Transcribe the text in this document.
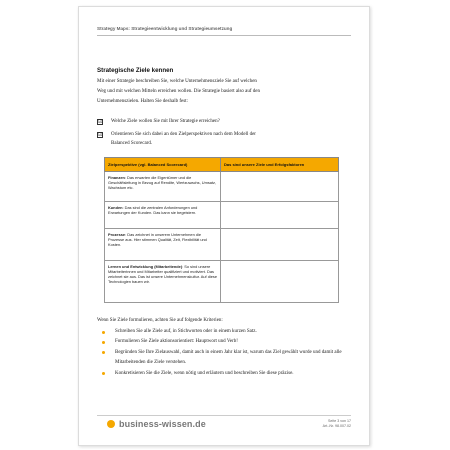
Strategy Maps: Strategieentwicklung und Strategieumsetzung
Strategische Ziele kennen
Mit einer Strategie beschreiben Sie, welche Unternehmensziele Sie auf welchen Weg und mit welchen Mitteln erreichen wollen. Die Strategie basiert also auf den Unternehmenszielen. Halten Sie deshalb fest:
☑ Welche Ziele wollen Sie mit Ihrer Strategie erreichen?
☑ Orientieren Sie sich dabei an den Zielperspektiven nach dem Modell der Balanced Scorecard.
Zielperspektive (vgl. Balanced Scorecard)	Das sind unsere Ziele und Erfolgsfaktoren
Finanzen: Das erwarten die Eigentümer und die Geschäftsleitung in Bezug auf Rendite, Wertzuwachs, Umsatz, Wachstum etc.	
Kunden: Das sind die zentralen Anforderungen und Erwartungen der Kunden. Das kann sie begeistern.	
Prozesse: Das zeichnet in unserem Unternehmen die Prozesse aus. Hier stimmen Qualität, Zeit, Flexibilität und Kosten.	
Lernen und Entwicklung (Mitarbeitende): So sind unsere Mitarbeiterinnen und Mitarbeiter qualifiziert und motiviert. Das zeichnet sie aus. Das ist unsere Unternehmenskultur. Auf diese Technologien bauen wir.	
Wenn Sie Ziele formulieren, achten Sie auf folgende Kriterien:
Schreiben Sie alle Ziele auf, in Stichworten oder in einem kurzen Satz.
Formulieren Sie Ziele aktionsorientiert: Hauptwort und Verb!
Begründen Sie Ihre Zielauswahl, damit auch in einem Jahr klar ist, warum das Ziel gewählt wurde und damit alle Mitarbeitenden die Ziele verstehen.
Konkretisieren Sie die Ziele, wenn nötig und erläutern und beschreiben Sie diese präzise.
business-wissen.de	Seite 3 von 17
Art.-Nr. 98.007.02
